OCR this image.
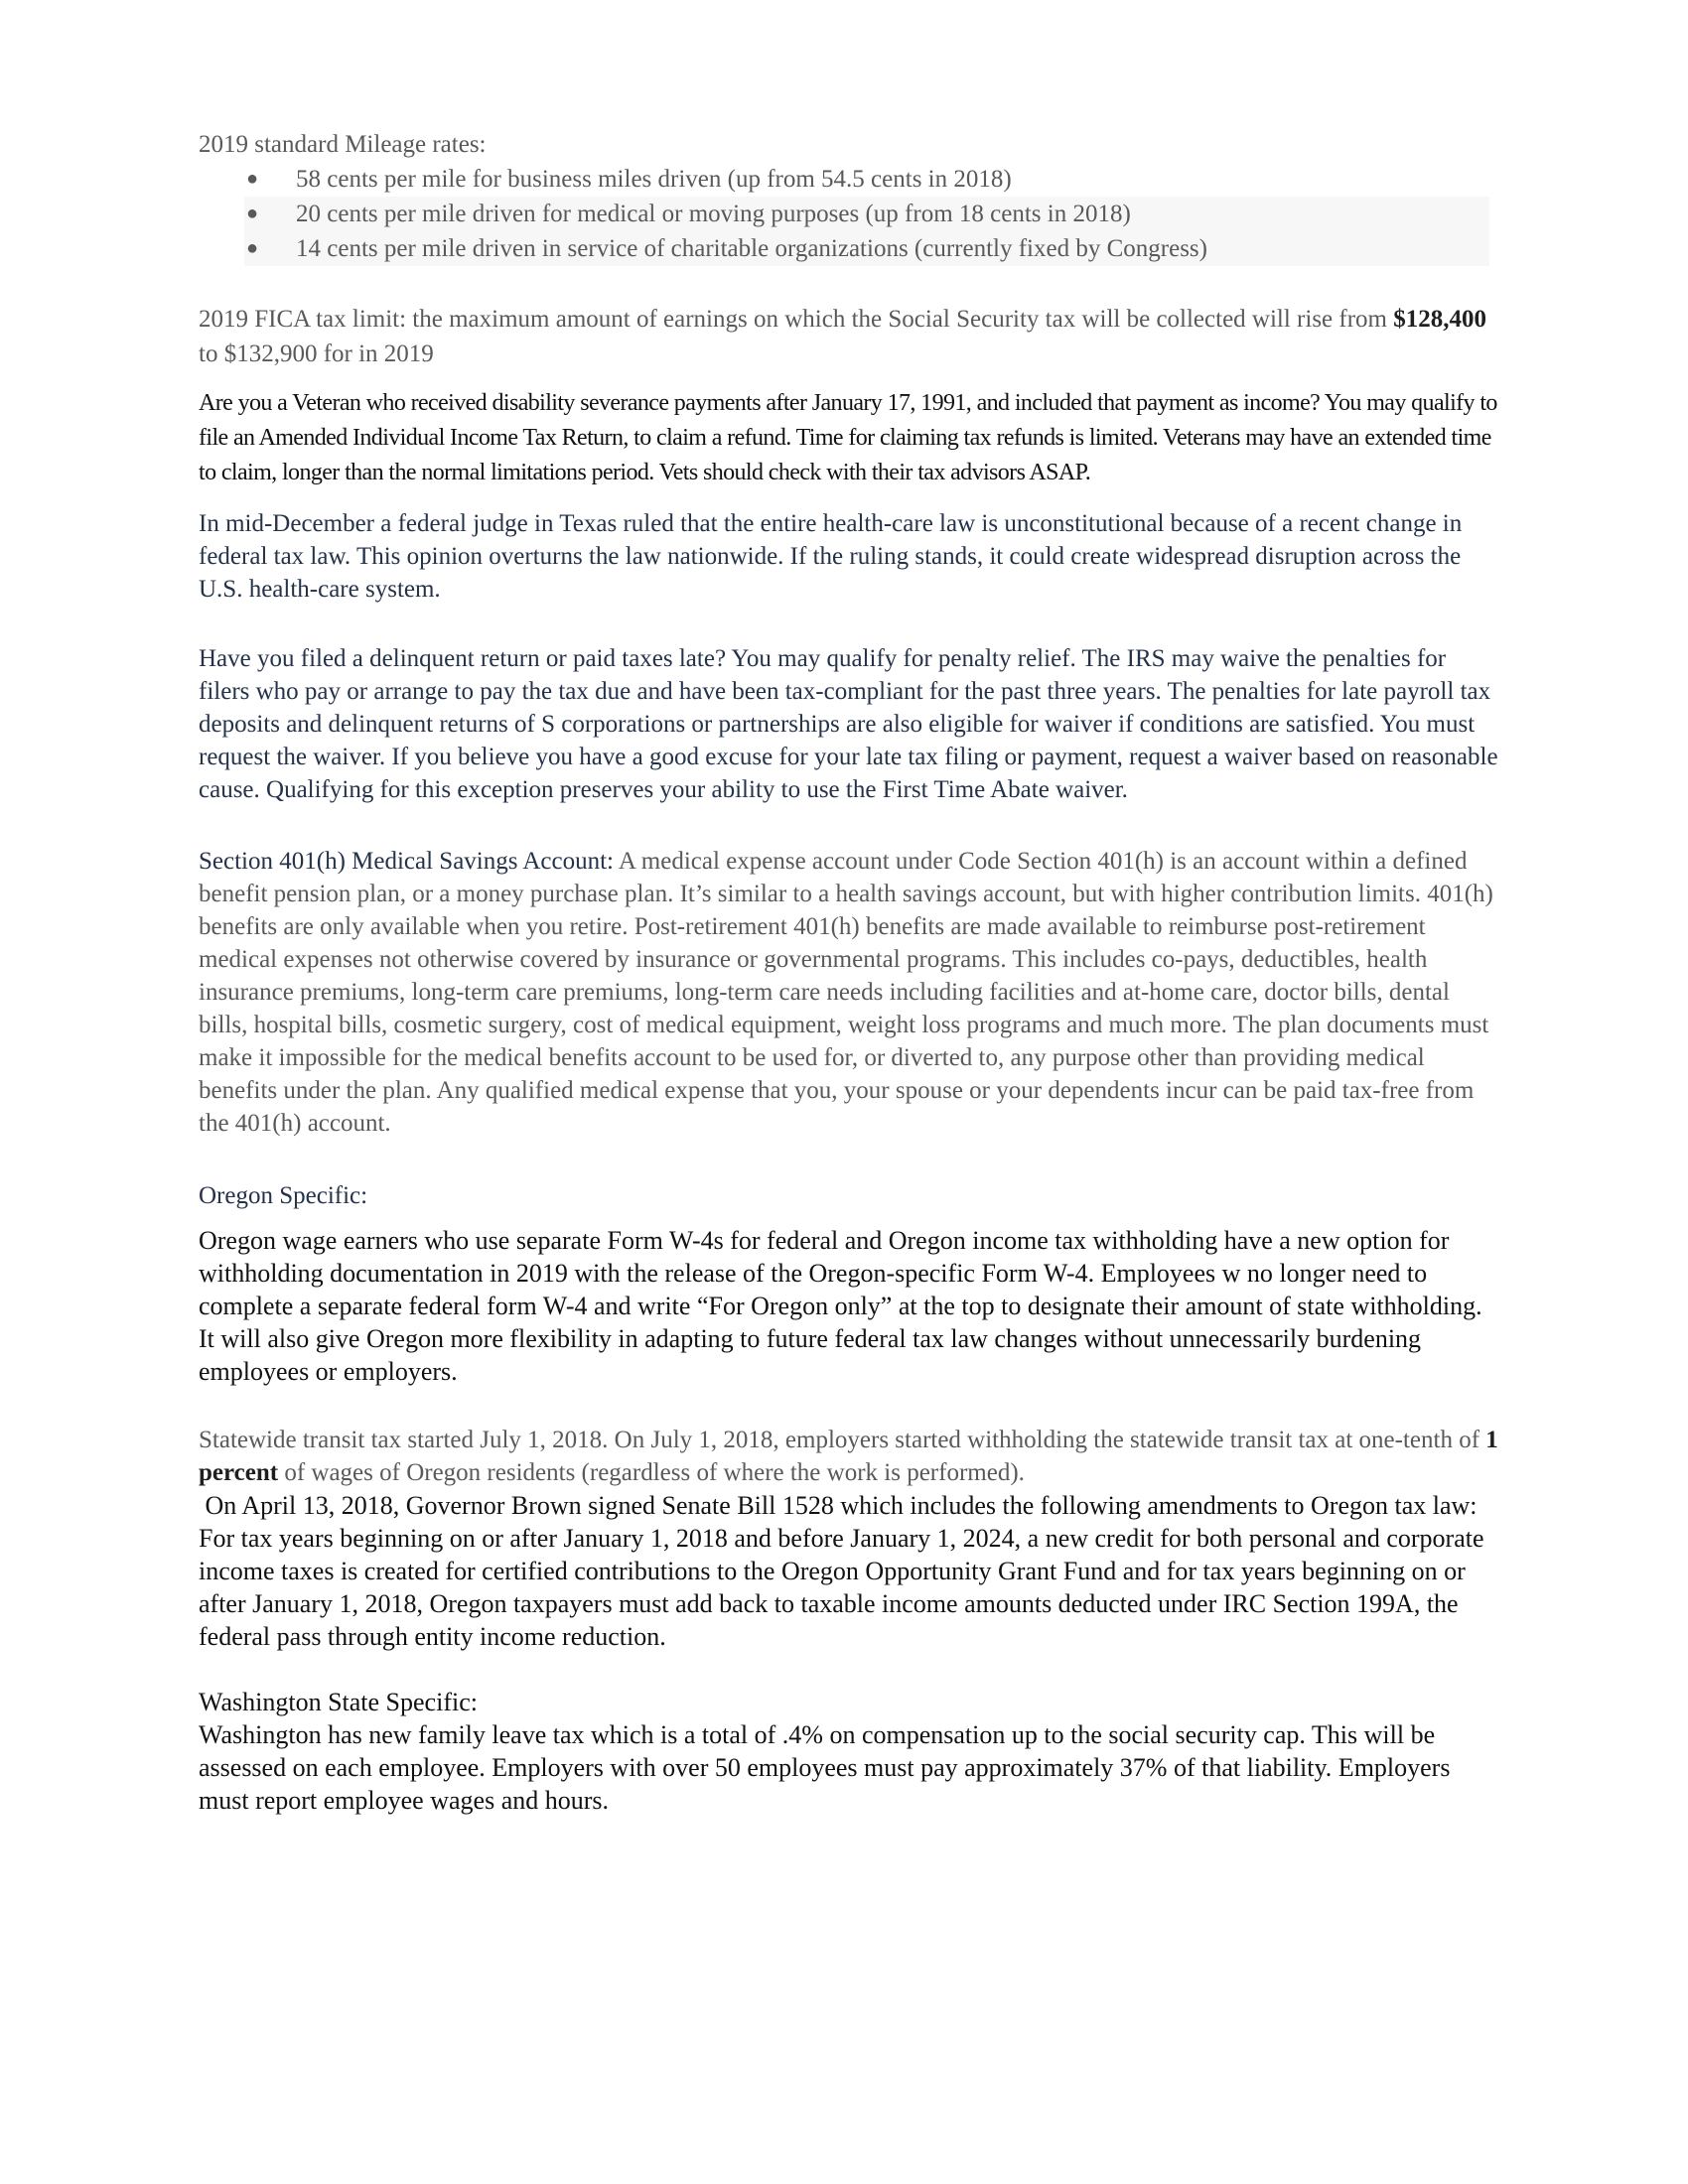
2019 standard Mileage rates:

● 58 cents per mile for business miles driven (up from 54.5 cents in 2018)
● 20 cents per mile driven for medical or moving purposes (up from 18 cents in 2018)
● 14 cents per mile driven in service of charitable organizations (currently fixed by Congress)

2019 FICA tax limit: the maximum amount of earnings on which the Social Security tax will be collected will rise from $128,400 to $132,900 for in 2019

Are you a Veteran who received disability severance payments after January 17, 1991, and included that payment as income? You may qualify to file an Amended Individual Income Tax Return, to claim a refund. Time for claiming tax refunds is limited. Veterans may have an extended time to claim, longer than the normal limitations period. Vets should check with their tax advisors ASAP.

In mid-December a federal judge in Texas ruled that the entire health-care law is unconstitutional because of a recent change in federal tax law. This opinion overturns the law nationwide. If the ruling stands, it could create widespread disruption across the U.S. health-care system.

Have you filed a delinquent return or paid taxes late? You may qualify for penalty relief. The IRS may waive the penalties for filers who pay or arrange to pay the tax due and have been tax-compliant for the past three years. The penalties for late payroll tax deposits and delinquent returns of S corporations or partnerships are also eligible for waiver if conditions are satisfied. You must request the waiver. If you believe you have a good excuse for your late tax filing or payment, request a waiver based on reasonable cause. Qualifying for this exception preserves your ability to use the First Time Abate waiver.

Section 401(h) Medical Savings Account: A medical expense account under Code Section 401(h) is an account within a defined benefit pension plan, or a money purchase plan. It’s similar to a health savings account, but with higher contribution limits. 401(h) benefits are only available when you retire. Post-retirement 401(h) benefits are made available to reimburse post-retirement medical expenses not otherwise covered by insurance or governmental programs. This includes co-pays, deductibles, health insurance premiums, long-term care premiums, long-term care needs including facilities and at-home care, doctor bills, dental bills, hospital bills, cosmetic surgery, cost of medical equipment, weight loss programs and much more. The plan documents must make it impossible for the medical benefits account to be used for, or diverted to, any purpose other than providing medical benefits under the plan. Any qualified medical expense that you, your spouse or your dependents incur can be paid tax-free from the 401(h) account.

Oregon Specific:

Oregon wage earners who use separate Form W-4s for federal and Oregon income tax withholding have a new option for withholding documentation in 2019 with the release of the Oregon-specific Form W-4. Employees w no longer need to complete a separate federal form W-4 and write “For Oregon only” at the top to designate their amount of state withholding. It will also give Oregon more flexibility in adapting to future federal tax law changes without unnecessarily burdening employees or employers.

Statewide transit tax started July 1, 2018. On July 1, 2018, employers started withholding the statewide transit tax at one-tenth of 1 percent of wages of Oregon residents (regardless of where the work is performed).

On April 13, 2018, Governor Brown signed Senate Bill 1528 which includes the following amendments to Oregon tax law:   For tax years beginning on or after January 1, 2018 and before January 1, 2024, a new credit for both personal and corporate income taxes is created for certified contributions to the Oregon Opportunity Grant Fund and for tax years beginning on or after January 1, 2018, Oregon taxpayers must add back to taxable income amounts deducted under IRC Section 199A, the federal pass through entity income reduction.

Washington State Specific:

Washington has new family leave tax which is a total of .4% on compensation up to the social security cap. This will be assessed on each employee. Employers with over 50 employees must pay approximately 37% of that liability. Employers must report employee wages and hours.
